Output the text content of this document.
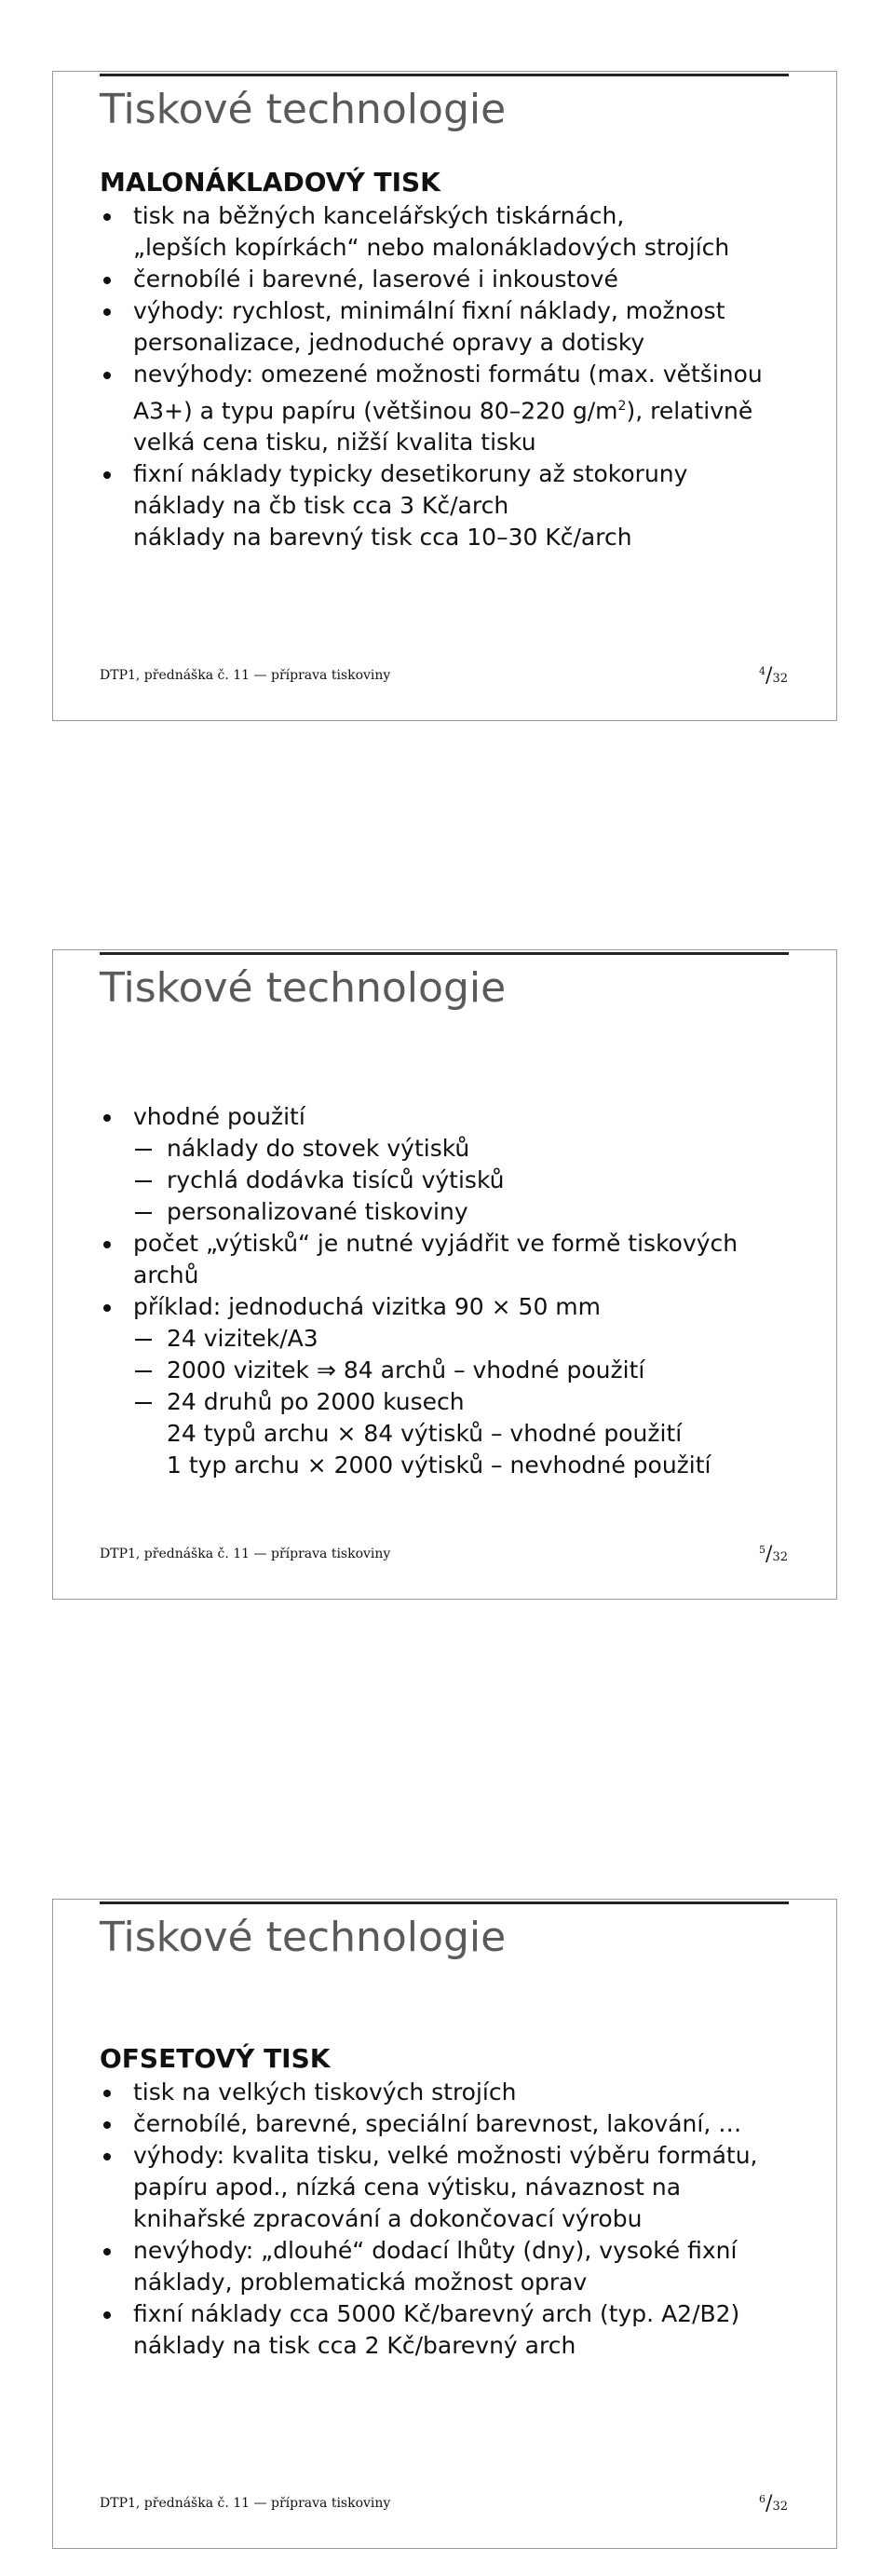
Tiskové technologie
MALONÁKLADOVÝ TISK
tisk na běžných kancelářských tiskárnách,
„lepších kopírkách“ nebo malonákladových strojích
černobílé i barevné, laserové i inkoustové
výhody: rychlost, minimální fixní náklady, možnost personalizace, jednoduché opravy a dotisky
nevýhody: omezené možnosti formátu (max. většinou A3+) a typu papíru (většinou 80–220 $g/m^2$), relativně velká cena tisku, nižší kvalita tisku
fixní náklady typicky desetikoruny až stokoruny
náklady na čb tisk cca 3 Kč/arch
náklady na barevný tisk cca 10–30 Kč/arch
DTP1, přednáška č. 11 — příprava tiskoviny	$^4$/32
Tiskové technologie
vhodné použití
náklady do stovek výtisků
rychlá dodávka tisíců výtisků
personalizované tiskoviny
počet „výtisků“ je nutné vyjádřit ve formě tiskových archů
příklad: jednoduchá vizitka 90 × 50 mm
24 vizitek/A3
2000 vizitek ⇒ 84 archů – vhodné použití
24 druhů po 2000 kusech
24 typů archu × 84 výtisků – vhodné použití
1 typ archu × 2000 výtisků – nevhodné použití
DTP1, přednáška č. 11 — příprava tiskoviny	$^5$/32
Tiskové technologie
OFSETOVÝ TISK
tisk na velkých tiskových strojích
černobílé, barevné, speciální barevnost, lakování, …
výhody: kvalita tisku, velké možnosti výběru formátu, papíru apod., nízká cena výtisku, návaznost na knihařské zpracování a dokončovací výrobu
nevýhody: „dlouhé“ dodací lhůty (dny), vysoké fixní náklady, problematická možnost oprav
fixní náklady cca 5000 Kč/barevný arch (typ. A2/B2)
náklady na tisk cca 2 Kč/barevný arch
DTP1, přednáška č. 11 — příprava tiskoviny	$^6$/32
